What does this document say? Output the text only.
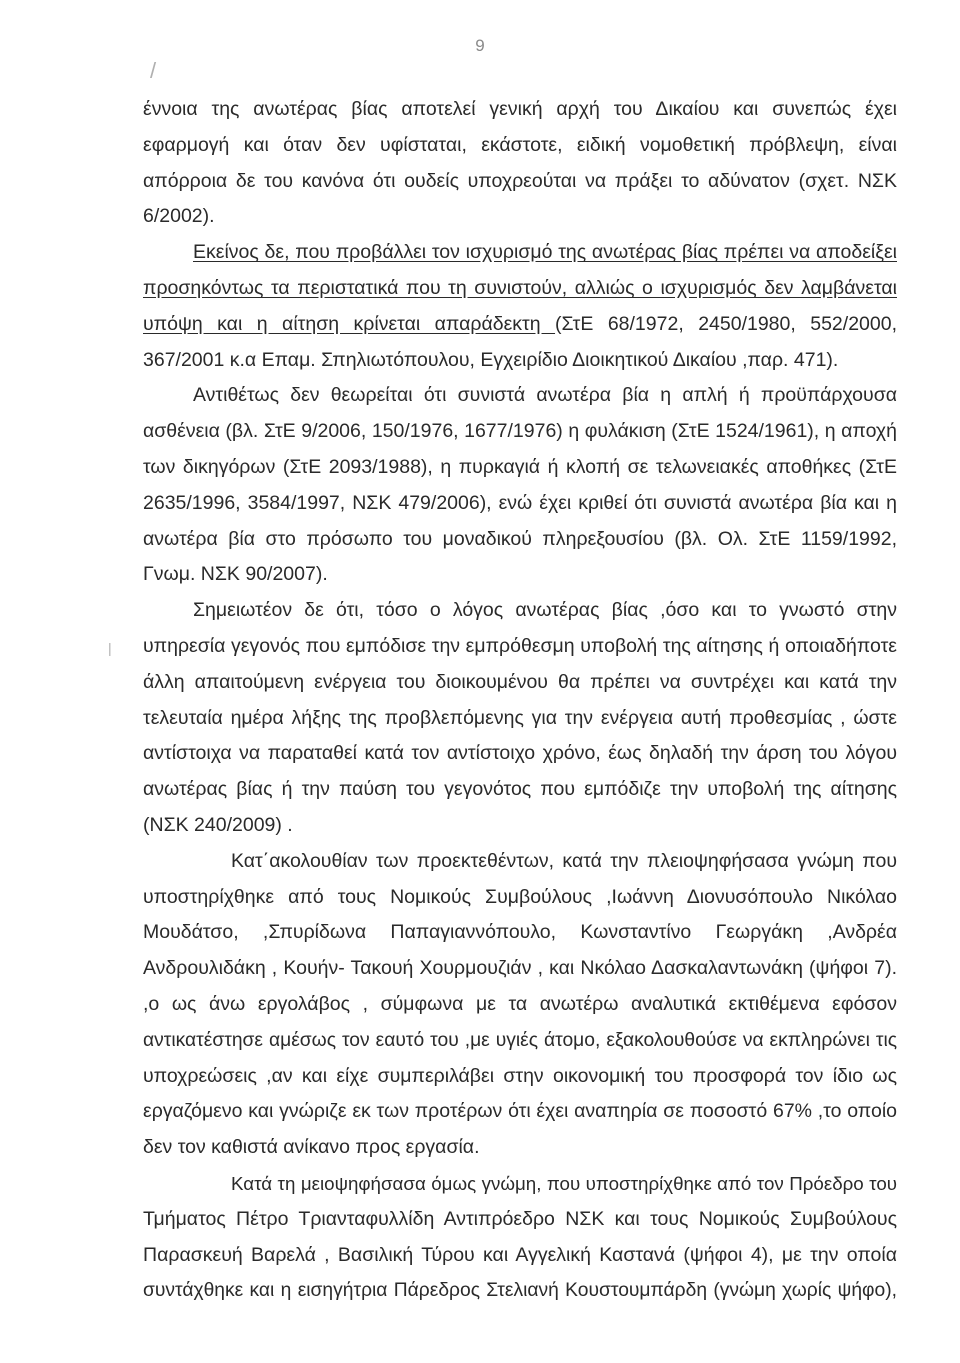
9
/
|
έννοια της ανωτέρας βίας αποτελεί γενική αρχή του Δικαίου και συνεπώς έχει
εφαρμογή και όταν δεν υφίσταται, εκάστοτε, ειδική νομοθετική πρόβλεψη, είναι
απόρροια δε του κανόνα ότι ουδείς υποχρεούται να πράξει το αδύνατον (σχετ. ΝΣΚ
6/2002).
Εκείνος δε, που προβάλλει τον ισχυρισμό της ανωτέρας βίας πρέπει να αποδείξει
προσηκόντως τα περιστατικά που τη συνιστούν, αλλιώς ο ισχυρισμός δεν λαμβάνεται
υπόψη και η αίτηση κρίνεται απαράδεκτη (ΣτΕ 68/1972, 2450/1980, 552/2000,
367/2001 κ.α Επαμ. Σπηλιωτόπουλου, Εγχειρίδιο Διοικητικού Δικαίου ,παρ. 471).
Αντιθέτως δεν θεωρείται ότι συνιστά ανωτέρα βία η απλή ή προϋπάρχουσα
ασθένεια (βλ. ΣτΕ 9/2006, 150/1976, 1677/1976) η φυλάκιση (ΣτΕ 1524/1961), η αποχή
των δικηγόρων (ΣτΕ 2093/1988), η πυρκαγιά ή κλοπή σε τελωνειακές αποθήκες (ΣτΕ
2635/1996, 3584/1997, ΝΣΚ 479/2006), ενώ έχει κριθεί ότι συνιστά ανωτέρα βία και η
ανωτέρα βία στο πρόσωπο του μοναδικού πληρεξουσίου (βλ. Ολ. ΣτΕ 1159/1992,
Γνωμ. ΝΣΚ 90/2007).
Σημειωτέον δε ότι, τόσο ο λόγος ανωτέρας βίας ,όσο και το γνωστό στην
υπηρεσία γεγονός που εμπόδισε την εμπρόθεσμη υποβολή της αίτησης ή οποιαδήποτε
άλλη απαιτούμενη ενέργεια του διοικουμένου θα πρέπει να συντρέχει και κατά την
τελευταία ημέρα λήξης της προβλεπόμενης για την ενέργεια αυτή προθεσμίας , ώστε
αντίστοιχα να παραταθεί κατά τον αντίστοιχο χρόνο, έως δηλαδή την άρση του λόγου
ανωτέρας βίας ή την παύση του γεγονότος που εμπόδιζε την υποβολή της αίτησης
(ΝΣΚ 240/2009) .
Κατ΄ακολουθίαν των προεκτεθέντων, κατά την πλειοψηφήσασα γνώμη που
υποστηρίχθηκε από τους Νομικούς Συμβούλους ,Ιωάννη Διονυσόπουλο Νικόλαο
Μουδάτσο, ,Σπυρίδωνα Παπαγιαννόπουλο, Κωνσταντίνο Γεωργάκη ,Ανδρέα
Ανδρουλιδάκη , Κουήν- Τακουή Χουρμουζιάν , και Νκόλαο Δασκαλαντωνάκη (ψήφοι 7).
,ο ως άνω εργολάβος , σύμφωνα με τα ανωτέρω αναλυτικά εκτιθέμενα εφόσον
αντικατέστησε αμέσως τον εαυτό του ,με υγιές άτομο, εξακολουθούσε να εκπληρώνει τις
υποχρεώσεις ,αν και είχε συμπεριλάβει στην οικονομική του προσφορά τον ίδιο ως
εργαζόμενο και γνώριζε εκ των προτέρων ότι έχει αναπηρία σε ποσοστό 67% ,το οποίο
δεν τον καθιστά ανίκανο προς εργασία.
Κατά τη μειοψηφήσασα όμως γνώμη, που υποστηρίχθηκε από τον Πρόεδρο του
Τμήματος Πέτρο Τριανταφυλλίδη Αντιπρόεδρο ΝΣΚ και τους Νομικούς Συμβούλους
Παρασκευή Βαρελά , Βασιλική Τύρου και Αγγελική Καστανά (ψήφοι 4), με την οποία
συντάχθηκε και η εισηγήτρια Πάρεδρος Στελιανή Κουστουμπάρδη (γνώμη χωρίς ψήφο),
